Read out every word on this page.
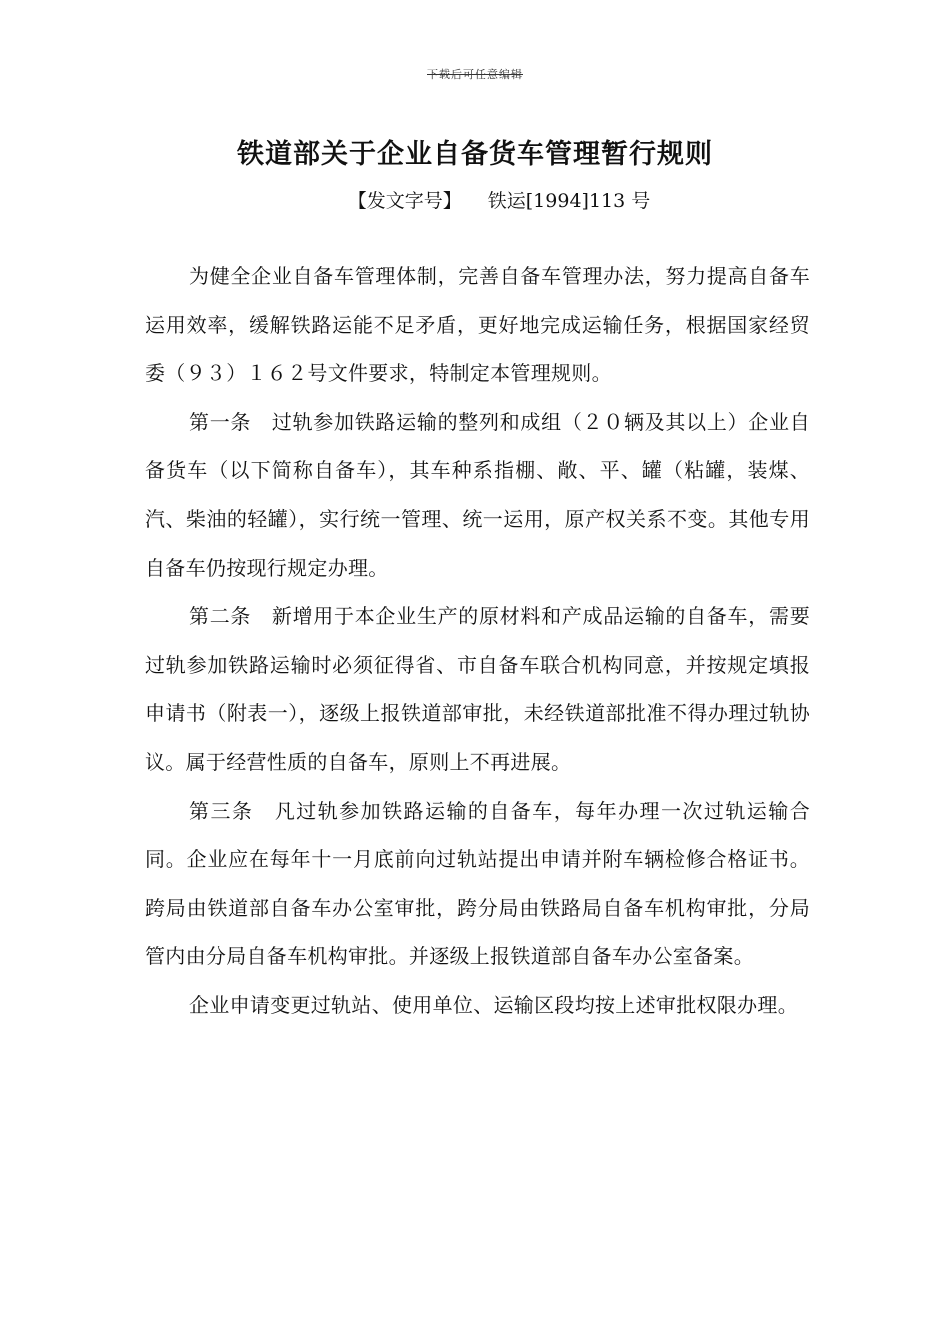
下载后可任意编辑
铁道部关于企业自备货车管理暂行规则
【发文字号】 铁运[1994]113 号

为健全企业自备车管理体制，完善自备车管理办法，努力提高自备车运用效率，缓解铁路运能不足矛盾，更好地完成运输任务，根据国家经贸委（９３）１６２号文件要求，特制定本管理规则。

第一条　过轨参加铁路运输的整列和成组（２０辆及其以上）企业自备货车（以下简称自备车），其车种系指棚、敞、平、罐（粘罐，装煤、汽、柴油的轻罐），实行统一管理、统一运用，原产权关系不变。其他专用自备车仍按现行规定办理。

第二条　新增用于本企业生产的原材料和产成品运输的自备车，需要过轨参加铁路运输时必须征得省、市自备车联合机构同意，并按规定填报申请书（附表一），逐级上报铁道部审批，未经铁道部批准不得办理过轨协议。属于经营性质的自备车，原则上不再进展。

第三条　凡过轨参加铁路运输的自备车，每年办理一次过轨运输合同。企业应在每年十一月底前向过轨站提出申请并附车辆检修合格证书。跨局由铁道部自备车办公室审批，跨分局由铁路局自备车机构审批，分局管内由分局自备车机构审批。并逐级上报铁道部自备车办公室备案。

企业申请变更过轨站、使用单位、运输区段均按上述审批权限办理。
